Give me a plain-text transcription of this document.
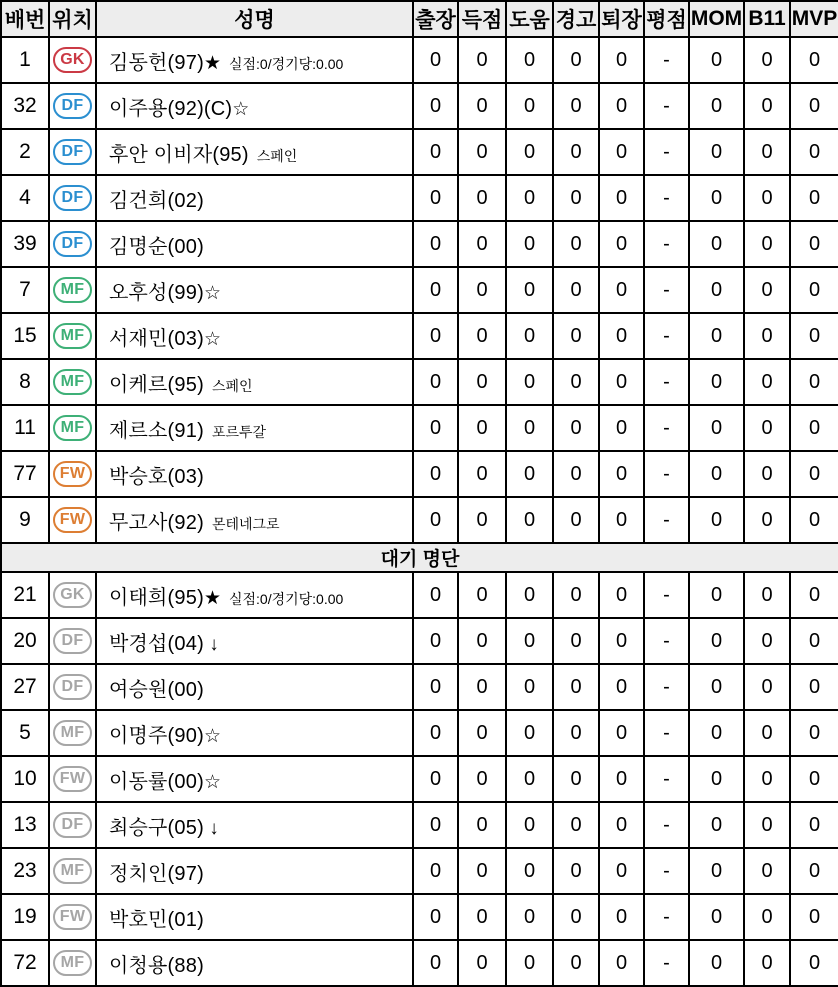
배번	위치	성명	출장	득점	도움	경고	퇴장	평점	MOM	B11	MVP
1	GK	김동헌(97)★ 실점:0/경기당:0.00	0	0	0	0	0	-	0	0	0
32	DF	이주용(92)(C)☆	0	0	0	0	0	-	0	0	0
2	DF	후안 이비자(95) 스페인	0	0	0	0	0	-	0	0	0
4	DF	김건희(02)	0	0	0	0	0	-	0	0	0
39	DF	김명순(00)	0	0	0	0	0	-	0	0	0
7	MF	오후성(99)☆	0	0	0	0	0	-	0	0	0
15	MF	서재민(03)☆	0	0	0	0	0	-	0	0	0
8	MF	이케르(95) 스페인	0	0	0	0	0	-	0	0	0
11	MF	제르소(91) 포르투갈	0	0	0	0	0	-	0	0	0
77	FW	박승호(03)	0	0	0	0	0	-	0	0	0
9	FW	무고사(92) 몬테네그로	0	0	0	0	0	-	0	0	0
대기 명단											
21	GK	이태희(95)★ 실점:0/경기당:0.00	0	0	0	0	0	-	0	0	0
20	DF	박경섭(04) ↓	0	0	0	0	0	-	0	0	0
27	DF	여승원(00)	0	0	0	0	0	-	0	0	0
5	MF	이명주(90)☆	0	0	0	0	0	-	0	0	0
10	FW	이동률(00)☆	0	0	0	0	0	-	0	0	0
13	DF	최승구(05) ↓	0	0	0	0	0	-	0	0	0
23	MF	정치인(97)	0	0	0	0	0	-	0	0	0
19	FW	박호민(01)	0	0	0	0	0	-	0	0	0
72	MF	이청용(88)	0	0	0	0	0	-	0	0	0
